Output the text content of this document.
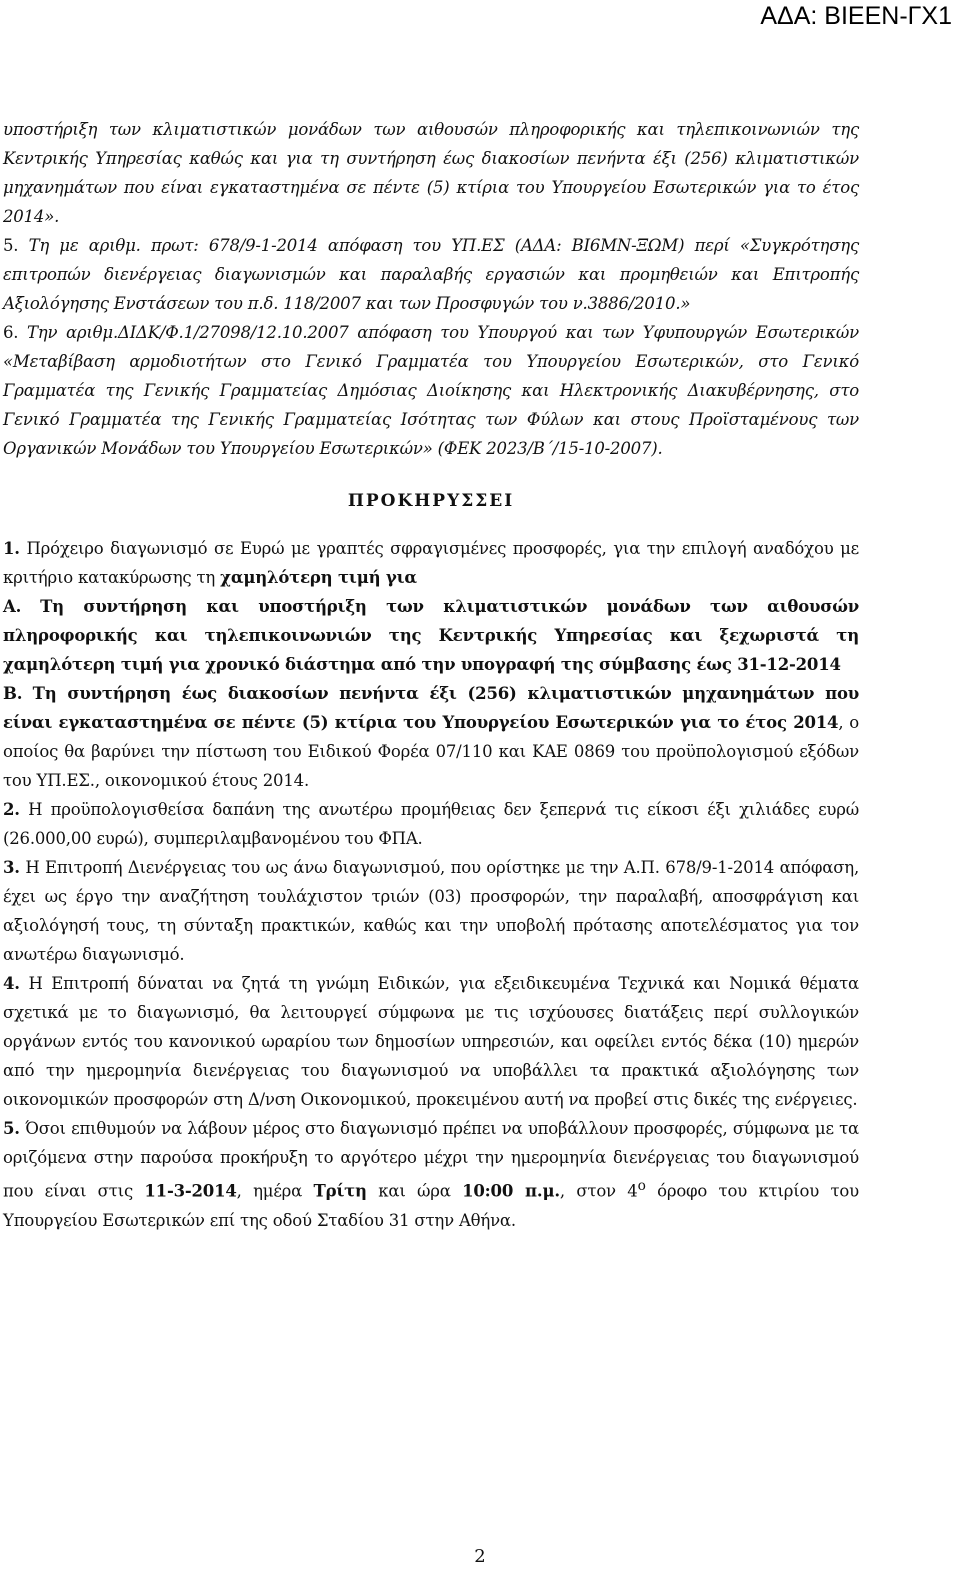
ΑΔΑ: ΒΙΕΕΝ-ΓΧ1

υποστήριξη των κλιματιστικών μονάδων των αιθουσών πληροφορικής και τηλεπικοινωνιών της Κεντρικής Υπηρεσίας καθώς και για τη συντήρηση έως διακοσίων πενήντα έξι (256) κλιματιστικών μηχανημάτων που είναι εγκαταστημένα σε πέντε (5) κτίρια του Υπουργείου Εσωτερικών για το έτος 2014».

5. Τη με αριθμ. πρωτ: 678/9-1-2014 απόφαση του ΥΠ.ΕΣ (ΑΔΑ: ΒΙ6ΜΝ-ΞΩΜ) περί «Συγκρότησης επιτροπών διενέργειας διαγωνισμών και παραλαβής εργασιών και προμηθειών και Επιτροπής Αξιολόγησης Ενστάσεων του π.δ. 118/2007 και των Προσφυγών του ν.3886/2010.»

6. Την αριθμ.ΔΙΔΚ/Φ.1/27098/12.10.2007 απόφαση του Υπουργού και των Υφυπουργών Εσωτερικών «Μεταβίβαση αρμοδιοτήτων στο Γενικό Γραμματέα του Υπουργείου Εσωτερικών, στο Γενικό Γραμματέα της Γενικής Γραμματείας Δημόσιας Διοίκησης και Ηλεκτρονικής Διακυβέρνησης, στο Γενικό Γραμματέα της Γενικής Γραμματείας Ισότητας των Φύλων και στους Προϊσταμένους των Οργανικών Μονάδων του Υπουργείου Εσωτερικών» (ΦΕΚ 2023/Β΄/15-10-2007).

ΠΡΟΚΗΡΥΣΣΕΙ

1. Πρόχειρο διαγωνισμό σε Ευρώ με γραπτές σφραγισμένες προσφορές, για την επιλογή αναδόχου με κριτήριο κατακύρωσης τη χαμηλότερη τιμή για

Α. Τη συντήρηση και υποστήριξη των κλιματιστικών μονάδων των αιθουσών πληροφορικής και τηλεπικοινωνιών της Κεντρικής Υπηρεσίας και ξεχωριστά τη χαμηλότερη τιμή για χρονικό διάστημα από την υπογραφή της σύμβασης έως 31-12-2014

Β. Τη συντήρηση έως διακοσίων πενήντα έξι (256) κλιματιστικών μηχανημάτων που είναι εγκαταστημένα σε πέντε (5) κτίρια του Υπουργείου Εσωτερικών για το έτος 2014, ο οποίος θα βαρύνει την πίστωση του Ειδικού Φορέα 07/110 και ΚΑΕ 0869 του προϋπολογισμού εξόδων του ΥΠ.ΕΣ., οικονομικού έτους 2014.

2. Η προϋπολογισθείσα δαπάνη της ανωτέρω προμήθειας δεν ξεπερνά τις είκοσι έξι χιλιάδες ευρώ (26.000,00 ευρώ), συμπεριλαμβανομένου του ΦΠΑ.

3. Η Επιτροπή Διενέργειας του ως άνω διαγωνισμού, που ορίστηκε με την Α.Π. 678/9-1-2014 απόφαση, έχει ως έργο την αναζήτηση τουλάχιστον τριών (03) προσφορών, την παραλαβή, αποσφράγιση και αξιολόγησή τους, τη σύνταξη πρακτικών, καθώς και την υποβολή πρότασης αποτελέσματος για τον ανωτέρω διαγωνισμό.

4. Η Επιτροπή δύναται να ζητά τη γνώμη Ειδικών, για εξειδικευμένα Τεχνικά και Νομικά θέματα σχετικά με το διαγωνισμό, θα λειτουργεί σύμφωνα με τις ισχύουσες διατάξεις περί συλλογικών οργάνων εντός του κανονικού ωραρίου των δημοσίων υπηρεσιών, και οφείλει εντός δέκα (10) ημερών από την ημερομηνία διενέργειας του διαγωνισμού να υποβάλλει τα πρακτικά αξιολόγησης των οικονομικών προσφορών στη Δ/νση Οικονομικού, προκειμένου αυτή να προβεί στις δικές της ενέργειες.

5. Όσοι επιθυμούν να λάβουν μέρος στο διαγωνισμό πρέπει να υποβάλλουν προσφορές, σύμφωνα με τα οριζόμενα στην παρούσα προκήρυξη το αργότερο μέχρι την ημερομηνία διενέργειας του διαγωνισμού που είναι στις 11-3-2014, ημέρα Τρίτη και ώρα 10:00 π.μ., στον $4^o$ όροφο του κτιρίου του Υπουργείου Εσωτερικών επί της οδού Σταδίου 31 στην Αθήνα.

2
